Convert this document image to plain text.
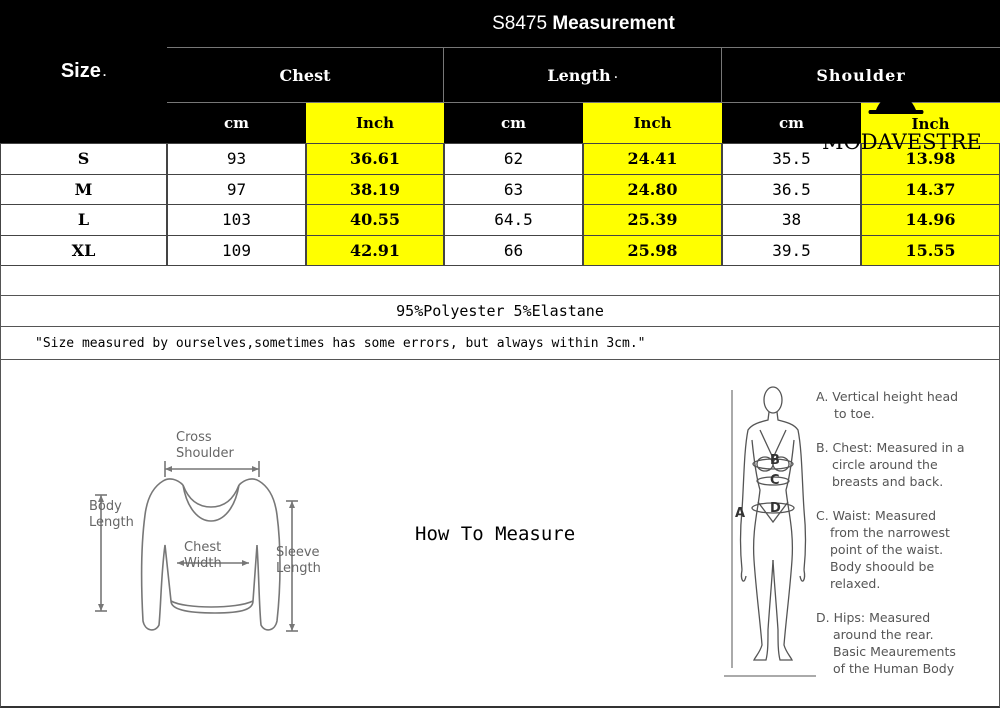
Size .
S8475
Measurement
Chest	Length .	Shoulder
cm	Inch	cm	Inch	cm	Inch
S	93	36.61	62	24.41	35.5	13.98
M	97	38.19	63	24.80	36.5	14.37
L	103	40.55	64.5	25.39	38	14.96
XL	109	42.91	66	25.98	39.5	15.55
95%Polyester 5%Elastane
"Size measured by ourselves,sometimes has some errors, but always within 3cm."
MODAVESTRE
Cross
Shoulder
Body
Length
Chest
Width
Sleeve
Length
How To Measure
B
C
D
A
A. Vertical height head
to toe.
B. Chest: Measured in a
circle around the
breasts and back.
C. Waist: Measured
from the narrowest
point of the waist.
Body shoould be
relaxed.
D. Hips: Measured
around the rear.
Basic Meaurements
of the Human Body
